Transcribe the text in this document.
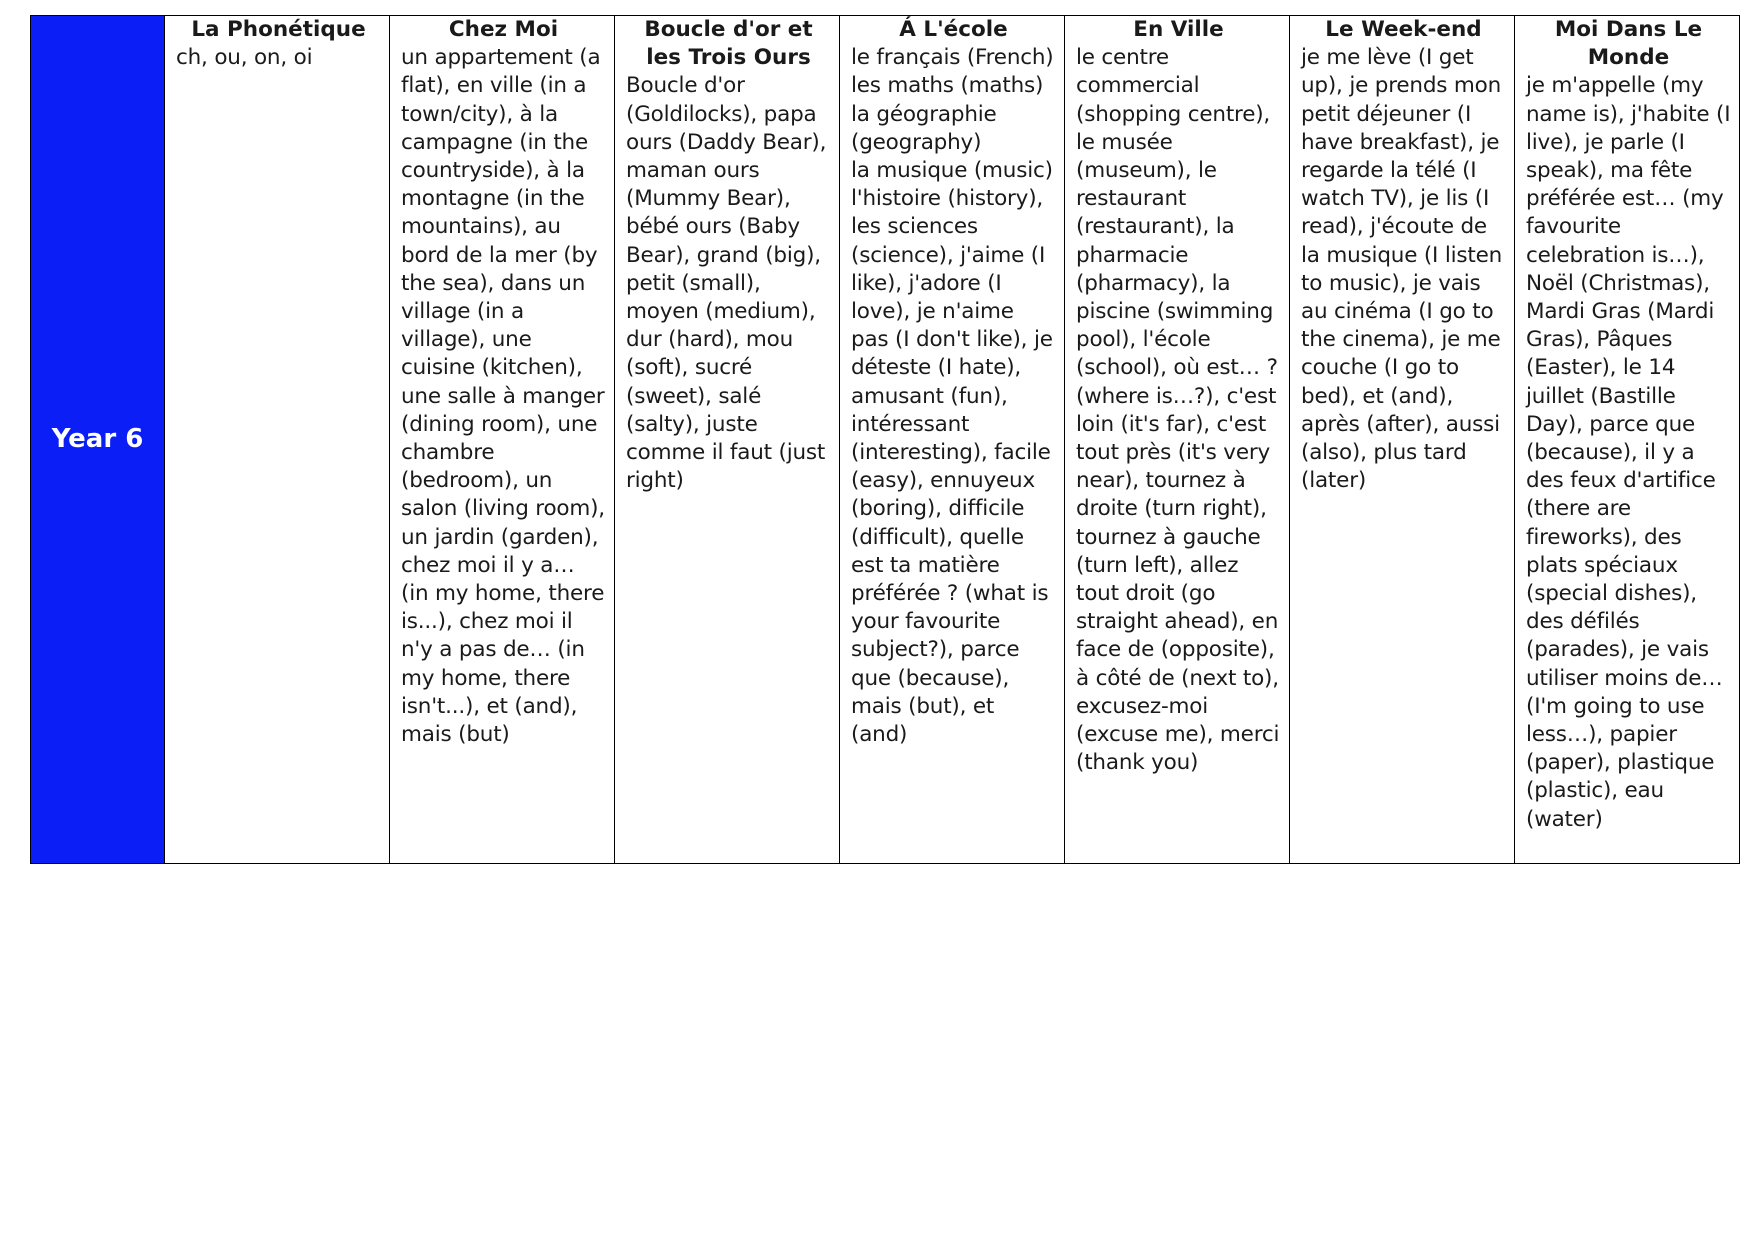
Year 6	
La Phonétique
ch, ou, on, oi

Chez Moi
un appartement (a flat), en ville (in a town/city), à la campagne (in the countryside), à la montagne (in the mountains), au bord de la mer (by the sea), dans un village (in a village), une cuisine (kitchen), une salle à manger (dining room), une chambre (bedroom), un salon (living room), un jardin (garden), chez moi il y a… (in my home, there is...), chez moi il n'y a pas de… (in my home, there isn't...), et (and), mais (but)

Boucle d'or et les Trois Ours
Boucle d'or (Goldilocks), papa ours (Daddy Bear), maman ours (Mummy Bear), bébé ours (Baby Bear), grand (big), petit (small), moyen (medium), dur (hard), mou (soft), sucré (sweet), salé (salty), juste comme il faut (just right)

Á L'école
le français (French)
les maths (maths)
la géographie (geography)
la musique (music)
l'histoire (history), les sciences (science), j'aime (I like), j'adore (I love), je n'aime pas (I don't like), je déteste (I hate), amusant (fun), intéressant (interesting), facile (easy), ennuyeux (boring), difficile (difficult), quelle est ta matière préférée ? (what is your favourite subject?), parce que (because), mais (but), et (and)

En Ville
le centre commercial (shopping centre), le musée (museum), le restaurant (restaurant), la pharmacie (pharmacy), la piscine (swimming pool), l'école (school), où est… ? (where is…?), c'est loin (it's far), c'est tout près (it's very near), tournez à droite (turn right), tournez à gauche (turn left), allez tout droit (go straight ahead), en face de (opposite), à côté de (next to), excusez-moi (excuse me), merci (thank you)

Le Week-end
je me lève (I get up), je prends mon petit déjeuner (I have breakfast), je regarde la télé (I watch TV), je lis (I read), j'écoute de la musique (I listen to music), je vais au cinéma (I go to the cinema), je me couche (I go to bed), et (and), après (after), aussi (also), plus tard (later)

Moi Dans Le Monde
je m'appelle (my name is), j'habite (I live), je parle (I speak), ma fête préférée est… (my favourite celebration is…), Noël (Christmas), Mardi Gras (Mardi Gras), Pâques (Easter), le 14 juillet (Bastille Day), parce que (because), il y a des feux d'artifice (there are fireworks), des plats spéciaux (special dishes), des défilés (parades), je vais utiliser moins de… (I'm going to use less…), papier (paper), plastique (plastic), eau (water)
